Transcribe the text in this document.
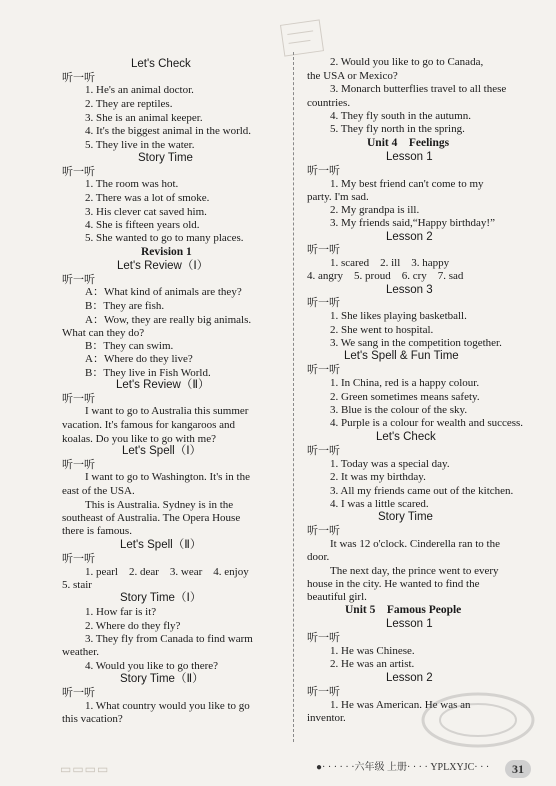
Let's Check
听一听
1. He's an animal doctor.
2. They are reptiles.
3. She is an animal keeper.
4. It's the biggest animal in the world.
5. They live in the water.
Story Time
听一听
1. The room was hot.
2. There was a lot of smoke.
3. His clever cat saved him.
4. She is fifteen years old.
5. She wanted to go to many places.
Revision 1
Let's Review（Ⅰ）
听一听
A：What kind of animals are they?
B：They are fish.
A：Wow, they are really big animals.
What can they do?
B：They can swim.
A：Where do they live?
B：They live in Fish World.
Let's Review（Ⅱ）
听一听
I want to go to Australia this summer
vacation. It's famous for kangaroos and
koalas. Do you like to go with me?
Let's Spell（Ⅰ）
听一听
I want to go to Washington. It's in the
east of the USA.
This is Australia. Sydney is in the
southeast of Australia. The Opera House
there is famous.
Let's Spell（Ⅱ）
听一听
1. pearl　2. dear　3. wear　4. enjoy
5. stair
Story Time（Ⅰ）
1. How far is it?
2. Where do they fly?
3. They fly from Canada to find warm
weather.
4. Would you like to go there?
Story Time（Ⅱ）
听一听
1. What country would you like to go
this vacation?
2. Would you like to go to Canada,
the USA or Mexico?
3. Monarch butterflies travel to all these
countries.
4. They fly south in the autumn.
5. They fly north in the spring.
Unit 4　Feelings
Lesson 1
听一听
1. My best friend can't come to my
party. I'm sad.
2. My grandpa is ill.
3. My friends said,“Happy birthday!”
Lesson 2
听一听
1. scared　2. ill　3. happy
4. angry　5. proud　6. cry　7. sad
Lesson 3
听一听
1. She likes playing basketball.
2. She went to hospital.
3. We sang in the competition together.
Let's Spell & Fun Time
听一听
1. In China, red is a happy colour.
2. Green sometimes means safety.
3. Blue is the colour of the sky.
4. Purple is a colour for wealth and success.
Let's Check
听一听
1. Today was a special day.
2. It was my birthday.
3. All my friends came out of the kitchen.
4. I was a little scared.
Story Time
听一听
It was 12 o'clock. Cinderella ran to the
door.
The next day, the prince went to every
house in the city. He wanted to find the
beautiful girl.
Unit 5　Famous People
Lesson 1
听一听
1. He was Chinese.
2. He was an artist.
Lesson 2
听一听
1. He was American. He was an
inventor.
▭▭▭▭	●· · · · · ·六年级 上册· · · · YPLXYJC· · ·	31
